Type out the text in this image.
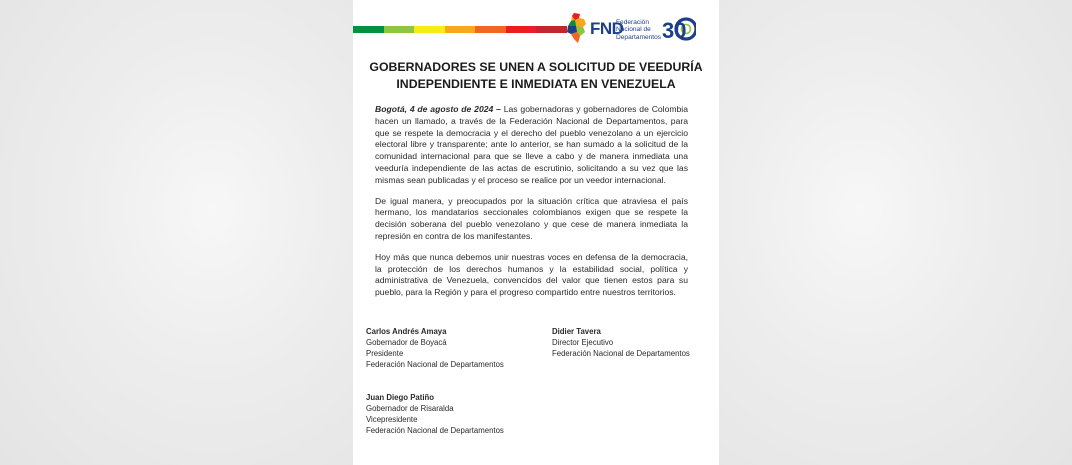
FND
Federación Nacional de Departamentos 30
GOBERNADORES SE UNEN A SOLICITUD DE VEEDURÍA
INDEPENDIENTE E INMEDIATA EN VENEZUELA

Bogotá, 4 de agosto de 2024 – Las gobernadoras y gobernadores de Colombia hacen un llamado, a través de la Federación Nacional de Departamentos, para que se respete la democracia y el derecho del pueblo venezolano a un ejercicio electoral libre y transparente; ante lo anterior, se han sumado a la solicitud de la comunidad internacional para que se lleve a cabo y de manera inmediata una veeduría independiente de las actas de escrutinio, solicitando a su vez que las mismas sean publicadas y el proceso se realice por un veedor internacional.

De igual manera, y preocupados por la situación crítica que atraviesa el país hermano, los mandatarios seccionales colombianos exigen que se respete la decisión soberana del pueblo venezolano y que cese de manera inmediata la represión en contra de los manifestantes.

Hoy más que nunca debemos unir nuestras voces en defensa de la democracia, la protección de los derechos humanos y la estabilidad social, política y administrativa de Venezuela, convencidos del valor que tienen estos para su pueblo, para la Región y para el progreso compartido entre nuestros territorios.

Carlos Andrés Amaya
Gobernador de Boyacá
Presidente
Federación Nacional de Departamentos
Didier Tavera
Director Ejecutivo
Federación Nacional de Departamentos
Juan Diego Patiño
Gobernador de Risaralda
Vicepresidente
Federación Nacional de Departamentos
